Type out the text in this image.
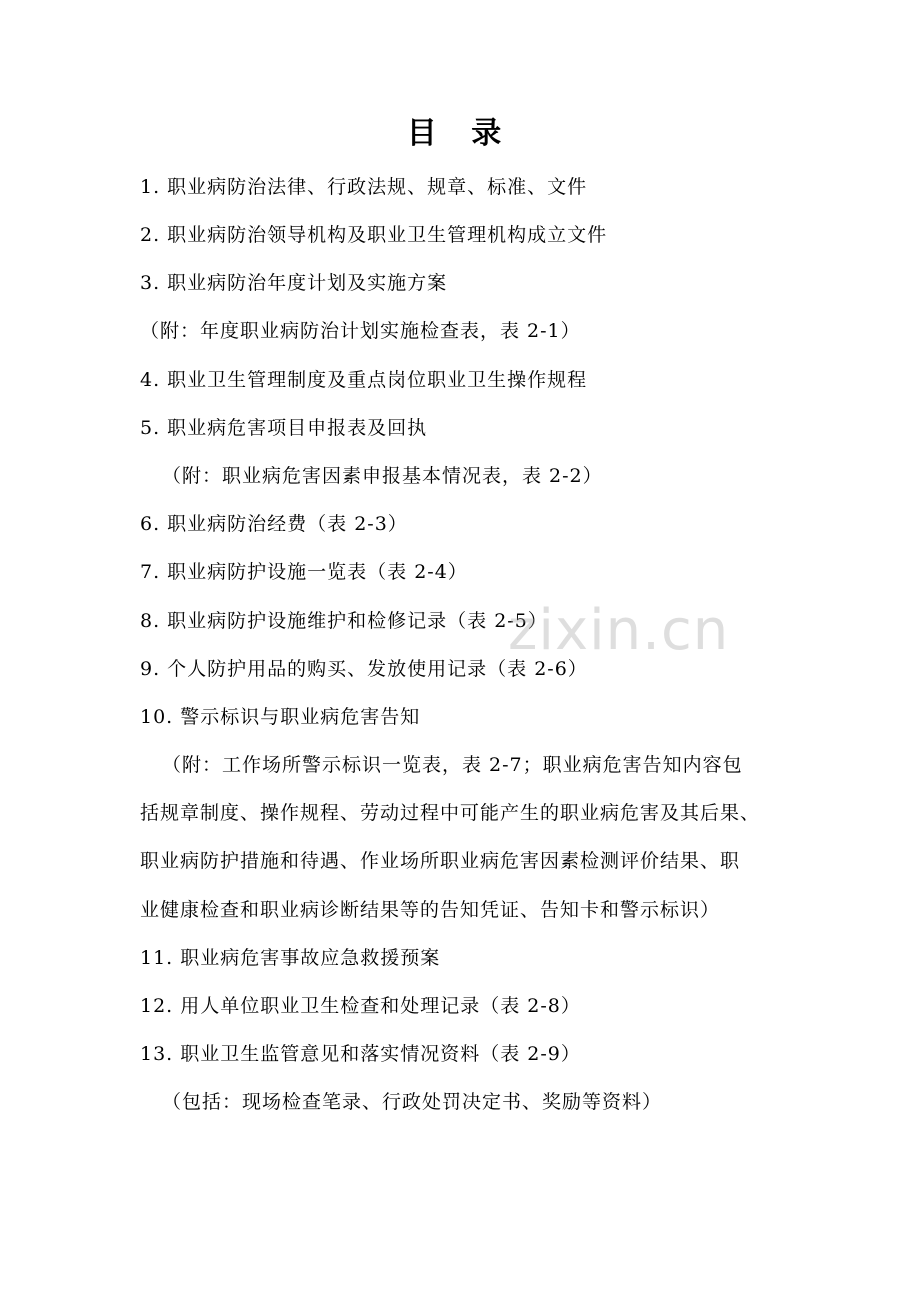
目 录
1. 职业病防治法律、行政法规、规章、标准、文件
2. 职业病防治领导机构及职业卫生管理机构成立文件
3. 职业病防治年度计划及实施方案
（附：年度职业病防治计划实施检查表，表 2-1）
4. 职业卫生管理制度及重点岗位职业卫生操作规程
5. 职业病危害项目申报表及回执
（附：职业病危害因素申报基本情况表，表 2-2）
6. 职业病防治经费（表 2-3）
7. 职业病防护设施一览表（表 2-4）
8. 职业病防护设施维护和检修记录（表 2-5）
9. 个人防护用品的购买、发放使用记录（表 2-6）
10. 警示标识与职业病危害告知
（附：工作场所警示标识一览表，表 2-7；职业病危害告知内容包
括规章制度、操作规程、劳动过程中可能产生的职业病危害及其后果、
职业病防护措施和待遇、作业场所职业病危害因素检测评价结果、职
业健康检查和职业病诊断结果等的告知凭证、告知卡和警示标识）
11. 职业病危害事故应急救援预案
12. 用人单位职业卫生检查和处理记录（表 2-8）
13. 职业卫生监管意见和落实情况资料（表 2-9）
（包括：现场检查笔录、行政处罚决定书、奖励等资料）
zixin.cn
